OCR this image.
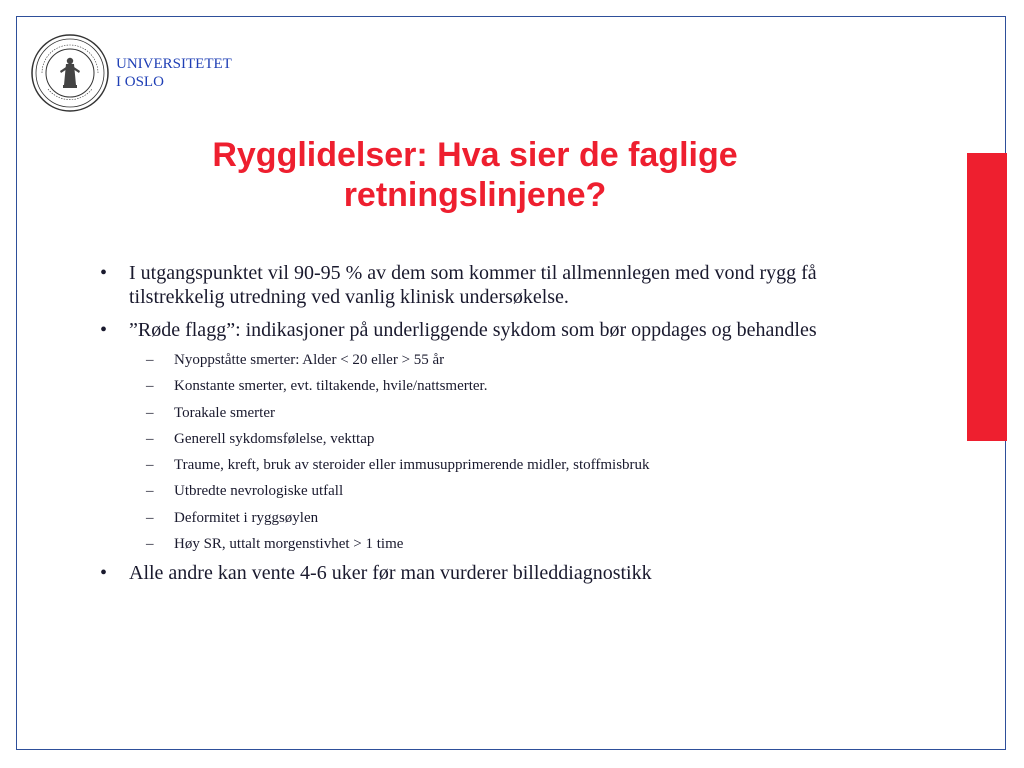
UNIVERSITETET
I OSLO
Rygglidelser: Hva sier de faglige
retningslinjene?
• I utgangspunktet vil 90-95 % av dem som kommer til allmennlegen med vond rygg få tilstrekkelig utredning ved vanlig klinisk undersøkelse.
• ”Røde flagg”: indikasjoner på underliggende sykdom som bør oppdages og behandles
– Nyoppståtte smerter: Alder < 20 eller > 55 år
– Konstante smerter, evt. tiltakende, hvile/nattsmerter.
– Torakale smerter
– Generell sykdomsfølelse, vekttap
– Traume, kreft, bruk av steroider eller immusupprimerende midler, stoffmisbruk
– Utbredte nevrologiske utfall
– Deformitet i ryggsøylen
– Høy SR, uttalt morgenstivhet > 1 time
• Alle andre kan vente 4-6 uker før man vurderer billeddiagnostikk
